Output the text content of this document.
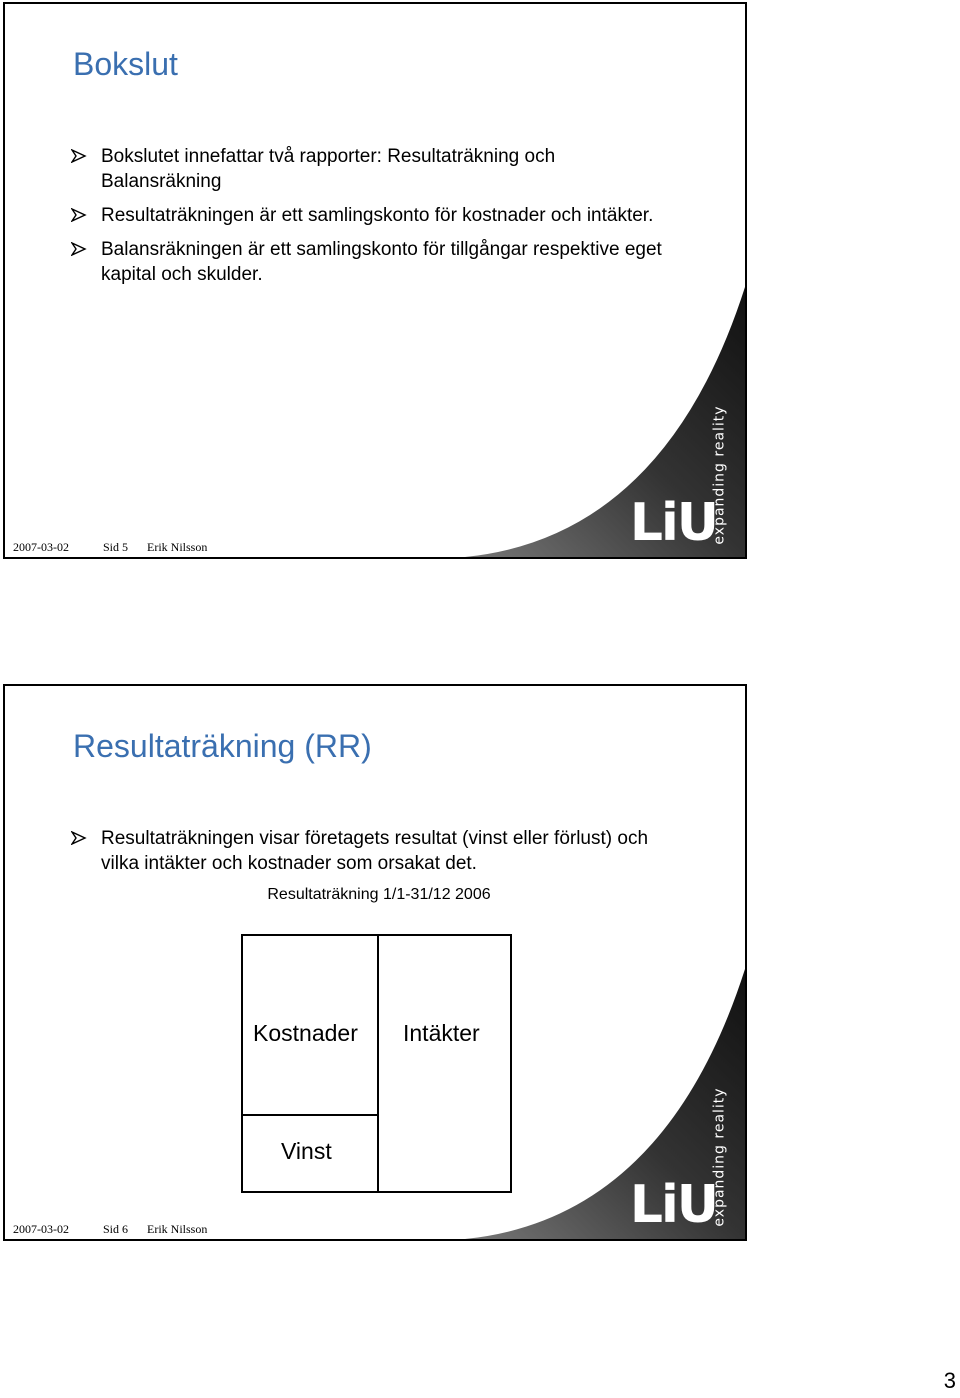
Bokslut
Bokslutet innefattar två rapporter: Resultaträkning och Balansräkning
Resultaträkningen är ett samlingskonto för kostnader och intäkter.
Balansräkningen är ett samlingskonto för tillgångar respektive eget kapital och skulder.
expanding reality
LiU
2007-03-02	Sid 5	Erik Nilsson
Resultaträkning (RR)
Resultaträkningen visar företagets resultat (vinst eller förlust) och vilka intäkter och kostnader som orsakat det.
Resultaträkning 1/1-31/12 2006
Kostnader
Vinst
Intäkter
expanding reality
LiU
2007-03-02	Sid 6	Erik Nilsson
3
